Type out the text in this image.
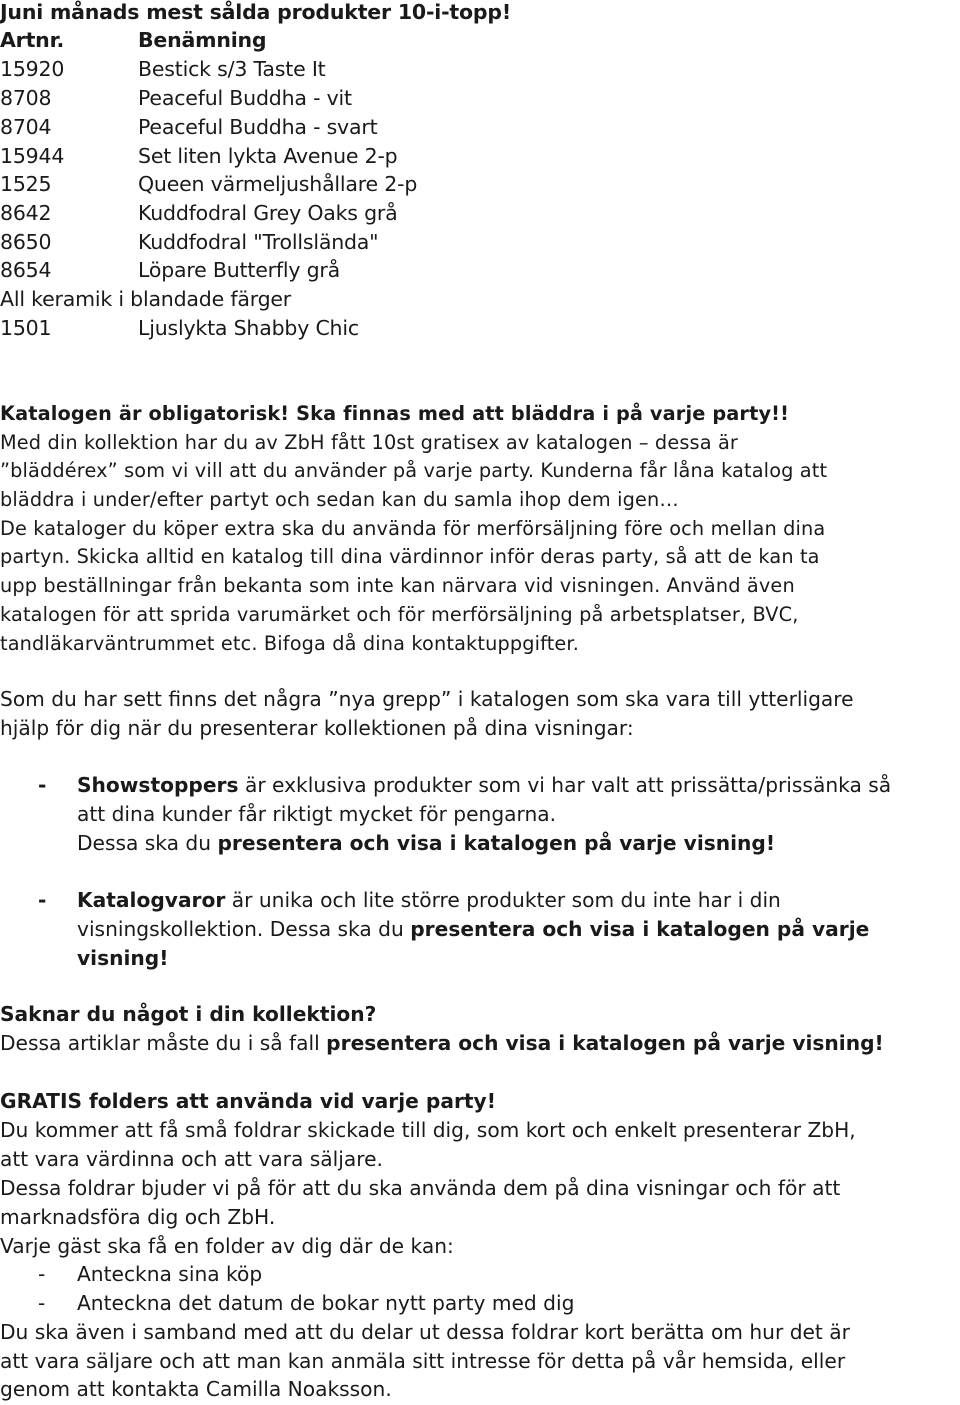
Juni månads mest sålda produkter 10-i-topp!
Artnr.	Benämning
15920	Bestick s/3 Taste It
8708	Peaceful Buddha - vit
8704	Peaceful Buddha - svart
15944	Set liten lykta Avenue 2-p
1525	Queen värmeljushållare 2-p
8642	Kuddfodral Grey Oaks grå
8650	Kuddfodral "Trollslända"
8654	Löpare Butterfly grå
All keramik i blandade färger
1501	Ljuslykta Shabby Chic
Katalogen är obligatorisk! Ska finnas med att bläddra i på varje party!!
Med din kollektion har du av ZbH fått 10st gratisex av katalogen – dessa är
”bläddérex” som vi vill att du använder på varje party. Kunderna får låna katalog att
bläddra i under/efter partyt och sedan kan du samla ihop dem igen…
De kataloger du köper extra ska du använda för merförsäljning före och mellan dina
partyn. Skicka alltid en katalog till dina värdinnor inför deras party, så att de kan ta
upp beställningar från bekanta som inte kan närvara vid visningen. Använd även
katalogen för att sprida varumärket och för merförsäljning på arbetsplatser, BVC,
tandläkarväntrummet etc. Bifoga då dina kontaktuppgifter.
Som du har sett finns det några ”nya grepp” i katalogen som ska vara till ytterligare
hjälp för dig när du presenterar kollektionen på dina visningar:
- Showstoppers är exklusiva produkter som vi har valt att prissätta/prissänka så
att dina kunder får riktigt mycket för pengarna.
Dessa ska du presentera och visa i katalogen på varje visning!
- Katalogvaror är unika och lite större produkter som du inte har i din
visningskollektion. Dessa ska du presentera och visa i katalogen på varje
visning!
Saknar du något i din kollektion?
Dessa artiklar måste du i så fall presentera och visa i katalogen på varje visning!
GRATIS folders att använda vid varje party!
Du kommer att få små foldrar skickade till dig, som kort och enkelt presenterar ZbH,
att vara värdinna och att vara säljare.
Dessa foldrar bjuder vi på för att du ska använda dem på dina visningar och för att
marknadsföra dig och ZbH.
Varje gäst ska få en folder av dig där de kan:
- Anteckna sina köp
- Anteckna det datum de bokar nytt party med dig
Du ska även i samband med att du delar ut dessa foldrar kort berätta om hur det är
att vara säljare och att man kan anmäla sitt intresse för detta på vår hemsida, eller
genom att kontakta Camilla Noaksson.
